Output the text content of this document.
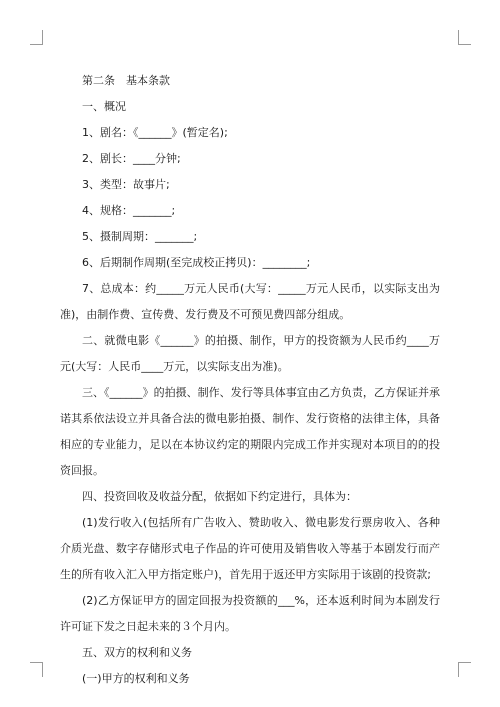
第二条　基本条款

一、概况

1、剧名：《______》(暂定名);

2、剧长：____分钟;

3、类型：故事片;

4、规格：_______;

5、摄制周期：_______;

6、后期制作周期(至完成校正拷贝)：________;

7、总成本：约_____万元人民币(大写：_____万元人民币，以实际支出为准)，由制作费、宣传费、发行费及不可预见费四部分组成。

二、就微电影《______》的拍摄、制作，甲方的投资额为人民币约____万元(大写：人民币____万元，以实际支出为准)。

三、《______》的拍摄、制作、发行等具体事宜由乙方负责，乙方保证并承诺其系依法设立并具备合法的微电影拍摄、制作、发行资格的法律主体，具备相应的专业能力，足以在本协议约定的期限内完成工作并实现对本项目的的投资回报。

四、投资回收及收益分配，依据如下约定进行，具体为：

(1)发行收入(包括所有广告收入、赞助收入、微电影发行票房收入、各种介质光盘、数字存储形式电子作品的许可使用及销售收入等基于本剧发行而产生的所有收入汇入甲方指定账户)，首先用于返还甲方实际用于该剧的投资款;

(2)乙方保证甲方的固定回报为投资额的___%，还本返利时间为本剧发行许可证下发之日起未来的３个月内。

五、双方的权利和义务

(一)甲方的权利和义务
